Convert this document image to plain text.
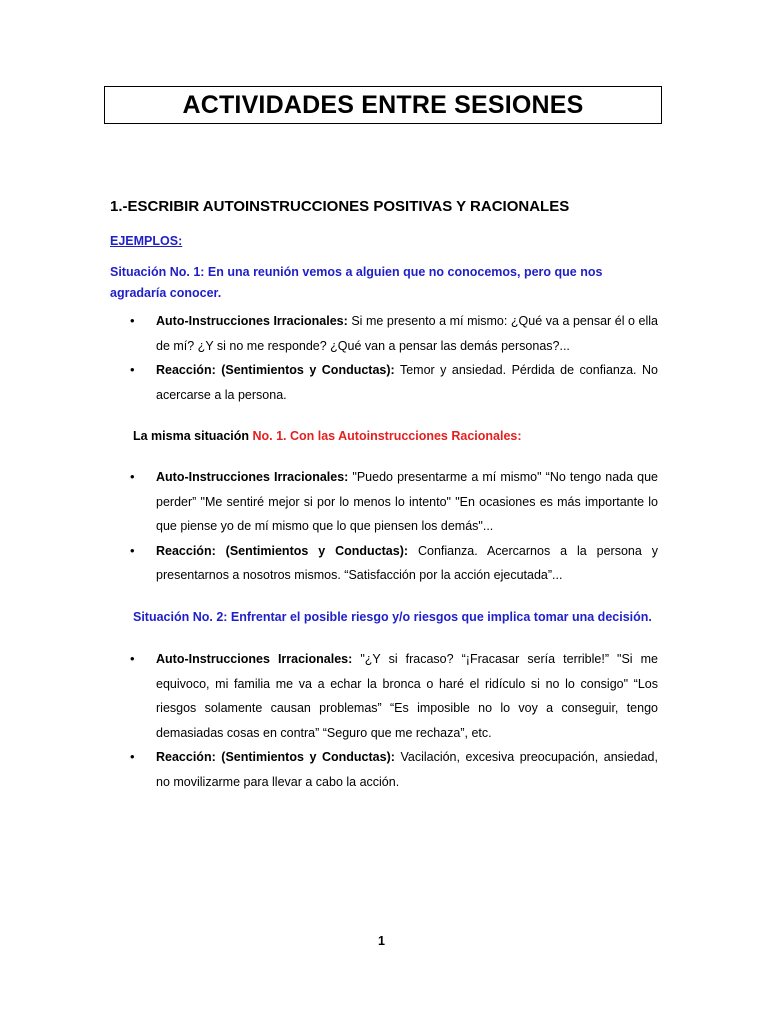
ACTIVIDADES ENTRE SESIONES
1.-ESCRIBIR AUTOINSTRUCCIONES POSITIVAS Y RACIONALES
EJEMPLOS:
Situación No. 1: En una reunión vemos a alguien que no conocemos, pero que nos agradaría conocer.
• Auto-Instrucciones Irracionales: Si me presento a mí mismo: ¿Qué va a pensar él o ella de mí? ¿Y si no me responde? ¿Qué van a pensar las demás personas?...
• Reacción: (Sentimientos y Conductas): Temor y ansiedad. Pérdida de confianza. No acercarse a la persona.
La misma situación No. 1. Con las Autoinstrucciones Racionales:
• Auto-Instrucciones Irracionales: "Puedo presentarme a mí mismo" “No tengo nada que perder” "Me sentiré mejor si por lo menos lo intento" "En ocasiones es más importante lo que piense yo de mí mismo que lo que piensen los demás"...
• Reacción: (Sentimientos y Conductas): Confianza. Acercarnos a la persona y presentarnos a nosotros mismos. “Satisfacción por la acción ejecutada”...
Situación No. 2: Enfrentar el posible riesgo y/o riesgos que implica tomar una decisión.
• Auto-Instrucciones Irracionales: "¿Y si fracaso? “¡Fracasar sería terrible!” "Si me equivoco, mi familia me va a echar la bronca o haré el ridículo si no lo consigo" “Los riesgos solamente causan problemas” “Es imposible no lo voy a conseguir, tengo demasiadas cosas en contra” “Seguro que me rechaza”, etc.
• Reacción: (Sentimientos y Conductas): Vacilación, excesiva preocupación, ansiedad, no movilizarme para llevar a cabo la acción.
1
